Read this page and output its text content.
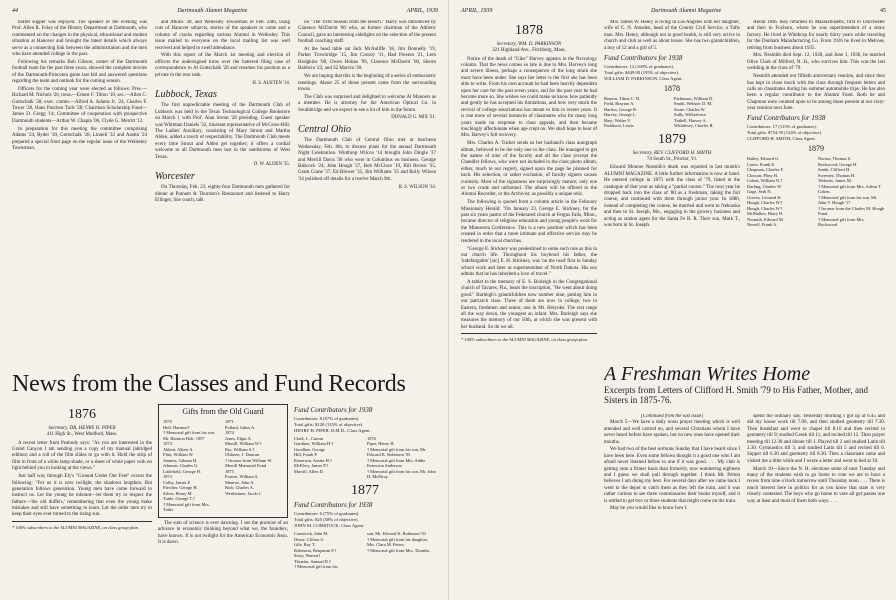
44	Dartmouth Alumni Magazine	APRIL, 1939

buffet supper was enjoyed. The speaker of the evening was Prof. Allen R. Foley of the History Department at Dartmouth, who commented on the changes in the physical, educational and student situation at Hanover and brought the latest details which always serve as a connecting link between the administration and the men who have attended college in the past.

Following his remarks Bob Gibson, center of the Dartmouth football team for the past three years, showed the complete movies of the Dartmouth-Princeton game last fall and answered questions regarding the team and outlook for the coming season.

Officers for the coming year were elected as follows: Pres.—Richard M. Nichols '26, treas.—Ernest F. Tilton '10, sec.—Allen C. Gottschalk '28; exec. comm.—Alfred A. Adams Jr. '24, Charles F. Tower '28, Hans Paschen Tuck '28; Chairman Scholarship Fund—James D. Gregg '14; Committee of cooperation with prospective Dartmouth students—Arthur W. Chapin '06, Clyde G. Merritt '12.

In preparation for this meeting the committee comprising Adams '24, Ryder '30, Gottschalk '28, Linnell '32 and Austin '24 prepared a special front page on the regular issue of the Wellesley Townsman.

and Atkins '28, and Wellesley Townsman of Feb. 24th, using cuts of Hanover subjects, stories of the speakers to come and a column of cracks regarding various Alumni in Wellesley. This issue mailed to everyone on the local mailing list was well received and helped to swell attendance.

With this report of the March 1st meeting and election of officers the undersigned turns over the battered filing case of correspondence to Al Gottschalk '28 and resumes his position as a private in the rear rank.

H. S. AUSTEN '14.
Lubbock, Texas

The first unpredictable meeting of the Dartmouth Club of Lubbock was held in the Texas Technological College Bookstore on March 1 with Prof. Alan Strout '28 presiding. Guest speaker was Whitman Daniels '32, itinerant representative of McGraw-Hill. The Ladies' Auxiliary, consisting of Mary Strout and Martha Alden, added a touch of respectability. The Dartmouth Club meets every time Strout and Alden get together; it offers a cordial welcome to all Dartmouth men lost in the sandstorms of West Texas.

D. W. ALDEN '35.
Worcester

On Thursday, Feb. 23, eighty-four Dartmouth men gathered for dinner at Putnam & Thurston's Restaurant and listened to Harry Ellinger, line coach, talk

on "The 1938 Season from the Bench." Harry was introduced by Clarence McDavitt '00 who, as former chairman of the Athletic Council, gave an interesting sidelights on the selection of the present football coaching staff.

At the head table sat Jack McAuliffe '18, Jim Donnelly '19, Parker Trowbridge '15, Jim Conroy '11, Had Preston '21, Lem Hodgkins '00, Owen Hoban '99, Clarence McDavitt '00, Sherm Baldwin '23, and 32 Marvin '30.

We are hoping that this is the beginning of a series of enthusiastic meetings. About 25 of those present came from the surrounding towns.

The Club was surprised and delighted to welcome Al Manners as a member. He is attorney for the American Optical Co. in Southbridge and we expect to see a lot of him in the future.

DONALD G. MIX '21.
Central Ohio

The Dartmouth Club of Central Ohio met at luncheon Wednesday, Feb. 8th, to discuss plans for the annual Dartmouth Night Celebration. Winthrop Wilcox '14 brought John Dingle '37 and Merrill Davis '38 who were in Columbus on business. George Babcock '24, John Hough '27, Bob McClure '19, Bill Brown '35, Grant Crane '37, Ed Blower '35, Jim Williams '35 and Rolly Wilson '34 polished off details for a twelve March 9th.

R. S. WILSON '34.
News from the Classes and Fund Records
1876
Secretary, DR. HENRY H. PIPER
411 High St., West Medford, Mass.

A recent letter from Peabody says: "As you are interested in the Grand Canyon I am sending you a copy of my manual (abridged edition) and a roll of the film slides to go with it. Hold the strip of film in front of a white lamp shade, or a sheet of white paper with no light behind you in looking at the views."

Just half way through Ely's "Ground Under Our Feet" occurs the following: "For us it is now twilight, the shadows lengthen. But generation follows generation. Young men have come forward to instruct us. Let the young be tolerant—let them try to respect the fathers—'the old duffers,' remembering that even the young make mistakes and still have something to learn. Let the older men try to keep their eyes ever turned to the rising sun.

* 100% subscribers to the ALUMNI MAGAZINE, on class group plan.
Gifts from the Old Guard
1870
Holt, Harmon†
† Memorial gift from his son, Mr. Harmon Holt, 1897
1873
Abbott, Albert A.
Flint, William W.
Jenness, Gilman H.
Johnson, Charles G.
Littlefield, George H.
1874
Colby, James F.
Fletcher, George H.
Silver, Henry M.
Tuttle, George T.†
† Memorial gift from Mrs. Tuttle
1871
Pollard, Julius A.
1874
Jones, Elgin A.
Merrill, William W.†
Rix, William S.†
Ulsheen, J. Duncan
† Income from William W. Merrill Memorial Fund
1875
Forrest, William S.
Munroe, John A.
Rich, Charles A.
Wertheimer, Jacob J.

The sum of science is ever dawning. I see the promise of an advance in economic thinking beyond what we, the founders, have known. It is not twilight for the American Economic Assn. It is dawn.

Fund Contributors for 1938
Contributors: 8 (67% of graduates).
Total gifts: $120 (135% of objective).
HENRY H. PIPER, D.M.D., Class Agent.
Clark, L. Curran
Gardiner, William H.†
Goodhue, George
Hill, Frank P.
Kenerson, Austin H.†
McElroy, James P.†
Morrill, Allen D.
1876
Piper, Henry H.
† Memorial gift from his son, Mr. Edward K. Robinson '03
† Memorial gift from Mrs. Addie Kenerson Anderson
† Memorial gift from his son, Mr. John H. McElroy.
1877
Fund Contributors for 1938
Contributors: 6 (75% of graduates).
Total gifts: $25 (58% of objective).
JOHN M. COMSTOCK, Class Agent.
Comstock, John M.
Dease, Clifton S.
Gile, Ray T.
Robinson, Benjamin F.†
Story, Warren†
Thombs, Samuel B.†
† Memorial gift from his
son, Mr. Edward K. Robinson '03
† Memorial gift from his daughter, Mrs. Clara M. Peters.
† Memorial gift from Mrs. Thombs.
APRIL, 1939	Dartmouth Alumni Magazine	45
1878
Secretary, WM. D. PARKINSON
321 Highland Ave., Fitchburg, Mass.

Notice of the death of "Gike" Harvey appears in the Necrology column. That the news comes so late is due to Mrs. Harvey's long and severe illness, perhaps a consequence of the long strain she must have been under. She says her letter is the first she has been able to write. From his own account he had been heavily dependent upon her care for the past seven years, and for the past year he had become more so. She wishes we could make us know how patiently and gently he has accepted his limitations, and how very much the revival of college associations has meant to him in recent years. It is one more of several instances of classmates who for many long years made no response to class appeals, and then became touchingly affectionate when age crept on. We shall hope to hear of Mrs. Harvey's full recovery.

Mrs. Charles A. Tucker sends us her husband's class autograph album, believed to be the only one in the class. He managed to get the names of nine of the faculty and all the class (except the Chandler fellows, who were not included in the class photo album, either, much to our regret), signed upon the page he planned for each. His selection, or rather exclusion, of faculty signers causes curiosity. Most of the signatures are surprisingly mature; only one or two crude and unformed. The album will be offered to the Alumni Recorder, or the Archivist, as possibly a unique relic.

The following is quoted from a column article in the February Missionary Herald: "On January 23, George E. Stickney, for the past six years pastor of the Federated church at Fergus Falls, Minn., became director of religious education and young people's work for the Minnesota Conference. This is a new position which has been created in order that a more intimate and effective service may be rendered to the local churches.

"George E. Stickney was predestined to some such role as this in our church life. Throughout his boyhood his father, the 'indefatigable' [sic] E. H. Stickney, was 'on the road' first in Sunday school work and later as superintendent of North Dakota. His son admits that he has inherited a love of travel."

A tablet to the memory of E. S. Burleigh in the Congregational church of Tavares, Fla., bears the inscription, "He went about doing good." Burleigh's grandchildren now number nine, putting him in our patriarch class. Three of them are now in college, two in Eastern, freshmen and senior, one in Mt. Holyoke. The rest range all the way down, the youngest an infant. Mrs. Burleigh says she treasures the memory of our 50th, at which she was present with her husband. So do we all.

* 100% subscribers to the ALUMNI MAGAZINE, on class group plan.

Mrs. James W. Henry is living in Los Angeles with her daughter, wife of C. N. Amsden, head of the County Civil Service, a Tufts man. Mrs. Henry, although not in good health, is still very active in church and club as well as about house. She has two grandchildren, a boy of 12 and a girl of 5.

Fund Contributors for 1938
Contributors: 12 (100% of graduates).
Total gifts: $449.00 (195% of objective).
WILLIAM D. PARKINSON, Class Agent.
1878
Bouton, Tilton C. H.
Field, Brayton A.
Harlow, George R.
Harvey, George L.
Hayt, Walter V.
Parkhurst, Lewis
Parkinson, William D.
Smith, Webster D. M.
Stone, Charles W.
Sully, Wilberforce
Tuthell, Harvey A.
Whittlesey, Charles B.
1879
Secretary, REV. CLIFFORD H. SMITH
74 South St., Proctor, Vt.

Edward Monroe Nesmith's death was reported in last month's ALUMNI MAGAZINE. A little further information is now at hand. He entered college in 1875 with the class of '79, listed in the catalogue of that year as taking a "partial course." The next year he dropped back into the class of '80 as a freshman, taking the full course, and continued with them through junior year. In 1880, instead of completing the course, he married and went to Nebraska and then to St. Joseph, Mo., engaging in the grocery business and acting as station agent for the Santa Fe R. R. Their son, Mark T., was born in St. Joseph.

About 1885 they returned to Massachusetts, first to Dorchester and then to Foxboro, where he was superintendent of a straw factory. He lived in Winthrop for nearly thirty years while traveling for the Dunham Manufacturing Co. From 1926 he lived in Melrose, retiring from business about 1935.

Mrs. Nesmith died Sept. 12, 1928, and June 1, 1936, he married Olive Clark of Milford, N. H., who survives him. This was the last wedding in the class of '79.

Nesmith attended our fiftieth anniversary reunion, and since then has kept in close touch with the class through frequent letters and calls on classmates during his summer automobile trips. He has also been a regular contributor to the Alumni Fund. Both he and Chapman were counted upon to be among those present at our sixty-year reunion next June.

Fund Contributors for 1938
Contributors: 17 (115% of graduates).
Total gifts: $754.59 (124% of objective).
CLIFFORD H. SMITH, Class Agent.
1879
Bailey, Edward G.
Carter, Frank E.
Chapman, Charles F.
Closson, Pliny H.
Cohen, William N.†
Darling, Charles W.
Gage, Seth N.
Graves, Leonard K.
Hough, Charles W.†
Hough, Charles W.†
McMullen, Harry H.
Nesmith, Edward M.
Newell, Frank A.
Norton, Thomas S.
Rockwood, George H.
Smith, Clifford H.
Sweeney, Thomas H.
Tebbetts, James M.
† Memorial gift from Mrs. Arthur T. Cohen.
† Memorial gift from his son, Mr. John V. Hough '17.
† Income from the Charles M. Hough Fund.
† Memorial gift from Mrs. Rockwood.
A Freshman Writes Home
Excerpts from Letters of Clifford H. Smith '79 to His Father, Mother, and Sisters in 1875-76.
[Continued from the last issue]

March 5—We have a daily noon prayer meeting which is well attended and well carried on, and several Christians whom I have never heard before have spoken, but no new ones have opened their mouths.

We had two of the best sermons Sunday that I have heard since I have been here. Even some fellows thought it a good one who I am afraid never listened before to one if it was good. . . . My club is getting onto a firmer basis than formerly, now numbering eighteen and I guess we shall pull through together. I think Mr. Pelton believes I am doing my best. For several days after we came back I went to the depot to catch them as they left the train, and it was rather curious to see three commissaries their books myself, and it is settled to get two or three students that might come on the train.

May be you would like to know how I

spend the ordinary day. Yesterday morning I got up at 6.45 and did my house work till 7.00, and then studied geometry till 7.30. Then breakfast and went to chapel till 8.10 and then recited in geometry till 9; studied Greek till 11, and recited till 12. Then prayer meeting till 12.30 and dinner till 1. Played till 2 and studied Latin till 2.30. Gymnastics till 3, and studied Latin till 5 and recited till 6. Supper till 6.30 and geometry till 8.30. Then a classmate came and visited me a little while and I wrote a letter and went to bed at 10.

March 10—Since the N. H. elections some of next Tuesday and many of the students wish to go home to vote we are to have a recess from nine o'clock tomorrow until Thursday noon. . . . There is much interest here in politics for as you know that state is very closely contested. The boys who go home to vote all get passes one way at least and most of them both ways. . . .
